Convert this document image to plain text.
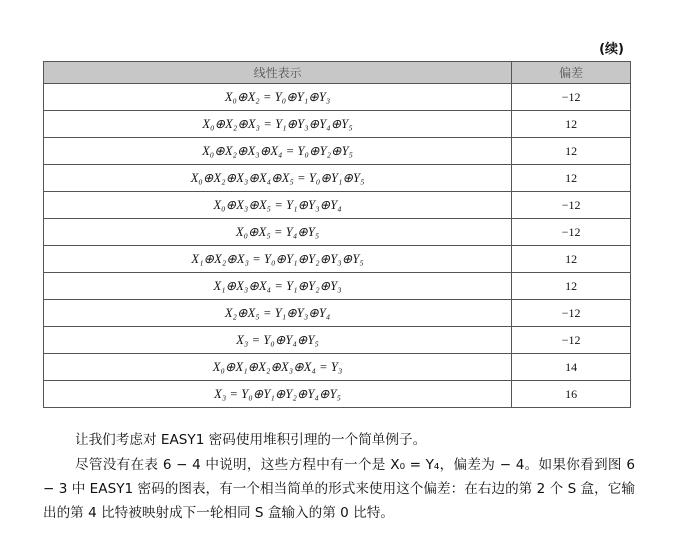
(续)
线性表示	偏差
X₀⊕X₂ = Y₀⊕Y₁⊕Y₃	−12
X₀⊕X₂⊕X₃ = Y₁⊕Y₃⊕Y₄⊕Y₅	12
X₀⊕X₂⊕X₃⊕X₄ = Y₀⊕Y₂⊕Y₅	12
X₀⊕X₂⊕X₃⊕X₄⊕X₅ = Y₀⊕Y₁⊕Y₅	12
X₀⊕X₃⊕X₅ = Y₁⊕Y₃⊕Y₄	−12
X₀⊕X₅ = Y₄⊕Y₅	−12
X₁⊕X₂⊕X₃ = Y₀⊕Y₁⊕Y₂⊕Y₃⊕Y₅	12
X₁⊕X₃⊕X₄ = Y₁⊕Y₂⊕Y₃	12
X₂⊕X₅ = Y₁⊕Y₃⊕Y₄	−12
X₃ = Y₀⊕Y₄⊕Y₅	−12
X₀⊕X₁⊕X₂⊕X₃⊕X₄ = Y₃	14
X₃ = Y₀⊕Y₁⊕Y₂⊕Y₄⊕Y₅	16
让我们考虑对 EASY1 密码使用堆积引理的一个简单例子。
尽管没有在表 6 − 4 中说明，这些方程中有一个是 X₀ = Y₄，偏差为 − 4。如果你看到图 6 − 3 中 EASY1 密码的图表，有一个相当简单的形式来使用这个偏差：在右边的第 2 个 S 盒，它输出的第 4 比特被映射成下一轮相同 S 盒输入的第 0 比特。
